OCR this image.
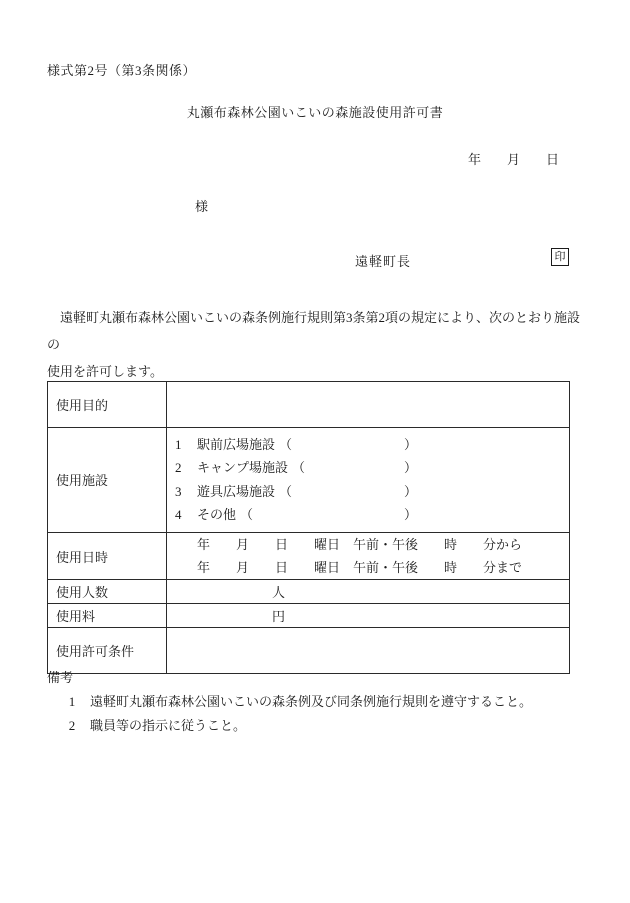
様式第2号（第3条関係）
丸瀬布森林公園いこいの森施設使用許可書
年　　月　　日
様
遠軽町長	印
　遠軽町丸瀬布森林公園いこいの森条例施行規則第3条第2項の規定により、次のとおり施設の
使用を許可します。
使用目的	
使用施設	
1	駅前広場施設 （	）
2	キャンプ場施設 （	）
3	遊具広場施設 （	）
4	その他 （	）

使用日時	年　　月　　日　　曜日　午前・午後　　時　　分から
年　　月　　日　　曜日　午前・午後　　時　　分まで

使用人数	人
使用料	円
使用許可条件	
備考
1 遠軽町丸瀬布森林公園いこいの森条例及び同条例施行規則を遵守すること。
2 職員等の指示に従うこと。
